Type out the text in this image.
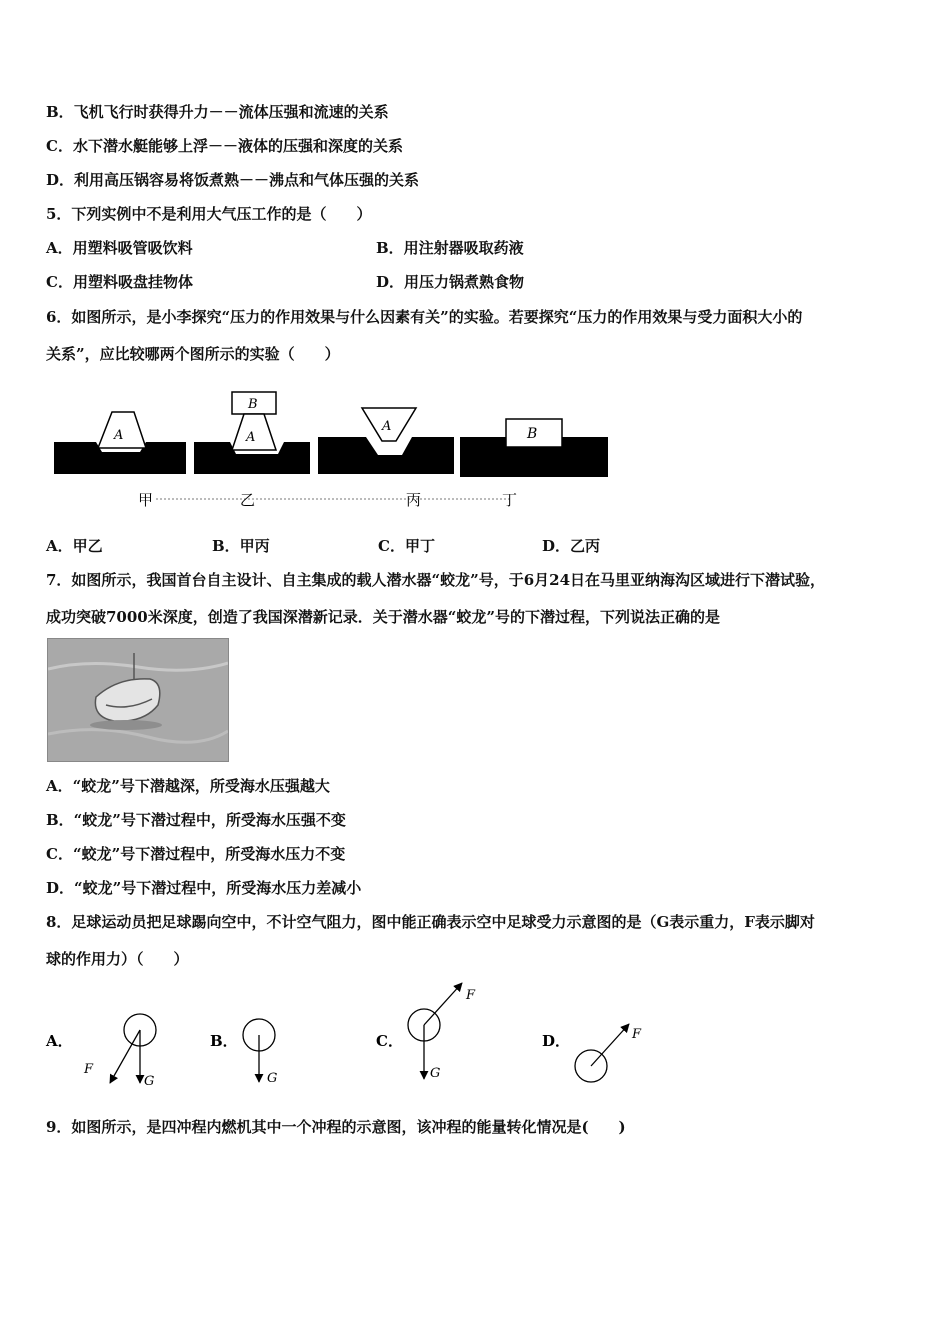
B．飞机飞行时获得升力－－流体压强和流速的关系
C．水下潜水艇能够上浮－－液体的压强和深度的关系
D．利用高压锅容易将饭煮熟－－沸点和气体压强的关系
5．下列实例中不是利用大气压工作的是（　　）
A．用塑料吸管吸饮料	B．用注射器吸取药液
C．用塑料吸盘挂物体	D．用压力锅煮熟食物
6．如图所示，是小李探究“压力的作用效果与什么因素有关”的实验。若要探究“压力的作用效果与受力面积大小的
关系”，应比较哪两个图所示的实验（　　）
A
B
A
A	B
甲	乙	丙	丁
A．甲乙	B．甲丙	C．甲丁	D．乙丙
7．如图所示，我国首台自主设计、自主集成的载人潜水器“蛟龙”号，于6月24日在马里亚纳海沟区域进行下潜试验，
成功突破7000米深度，创造了我国深潜新记录．关于潜水器“蛟龙”号的下潜过程，下列说法正确的是
A．“蛟龙”号下潜越深，所受海水压强越大
B．“蛟龙”号下潜过程中，所受海水压强不变
C．“蛟龙”号下潜过程中，所受海水压力不变
D．“蛟龙”号下潜过程中，所受海水压力差减小
8．足球运动员把足球踢向空中，不计空气阻力，图中能正确表示空中足球受力示意图的是（G表示重力，F表示脚对
球的作用力）（　　）
A．
F
G
B．
G
C．
F
G
D．	F
9．如图所示，是四冲程内燃机其中一个冲程的示意图，该冲程的能量转化情况是(　　)
